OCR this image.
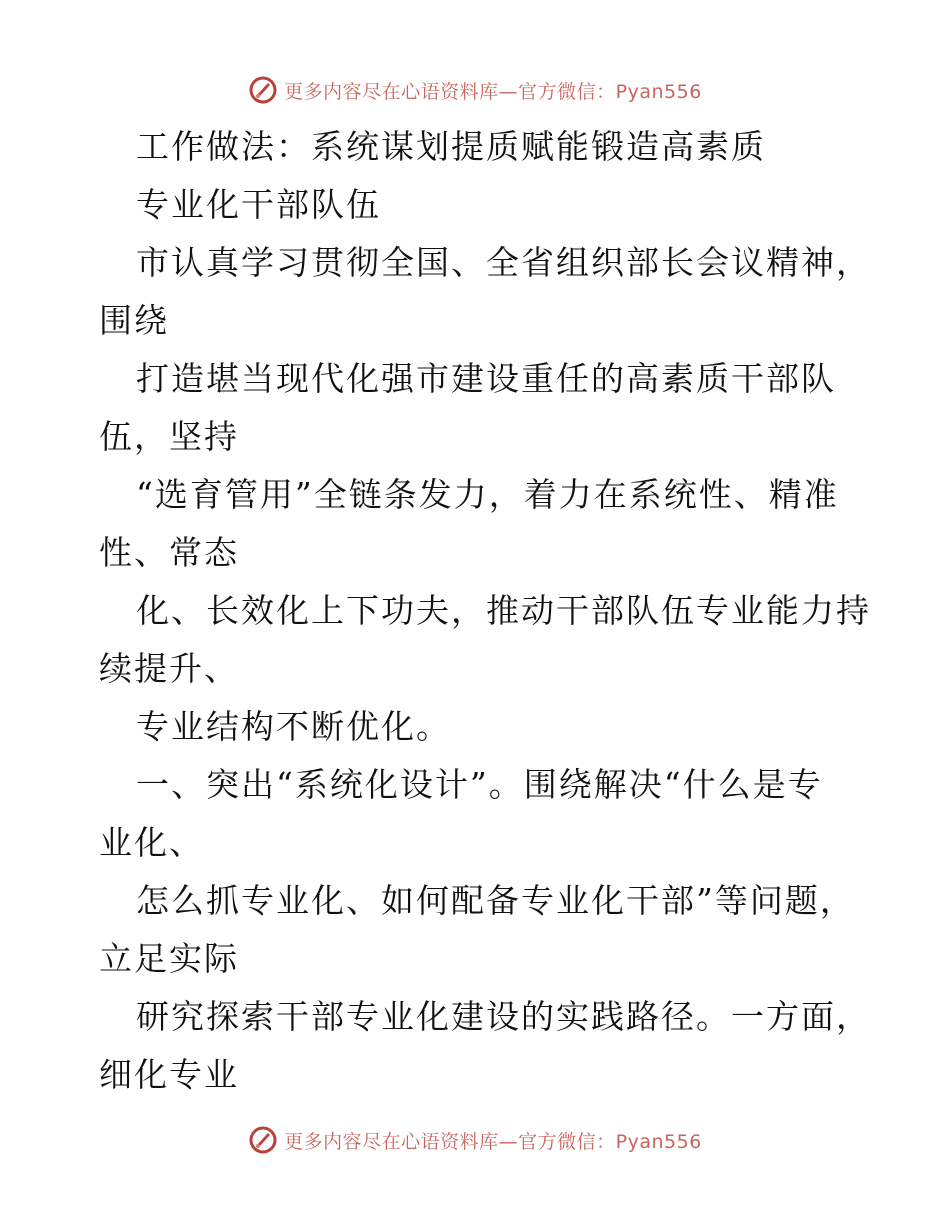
更多内容尽在心语资料库—官方微信：Pyan556
工作做法：系统谋划提质赋能锻造高素质
专业化干部队伍
市认真学习贯彻全国、全省组织部长会议精神，
围绕
打造堪当现代化强市建设重任的高素质干部队
伍，坚持
“选育管用”全链条发力，着力在系统性、精准
性、常态
化、长效化上下功夫，推动干部队伍专业能力持
续提升、
专业结构不断优化。
一、突出“系统化设计”。围绕解决“什么是专
业化、
怎么抓专业化、如何配备专业化干部”等问题，
立足实际
研究探索干部专业化建设的实践路径。一方面，
细化专业
更多内容尽在心语资料库—官方微信：Pyan556
